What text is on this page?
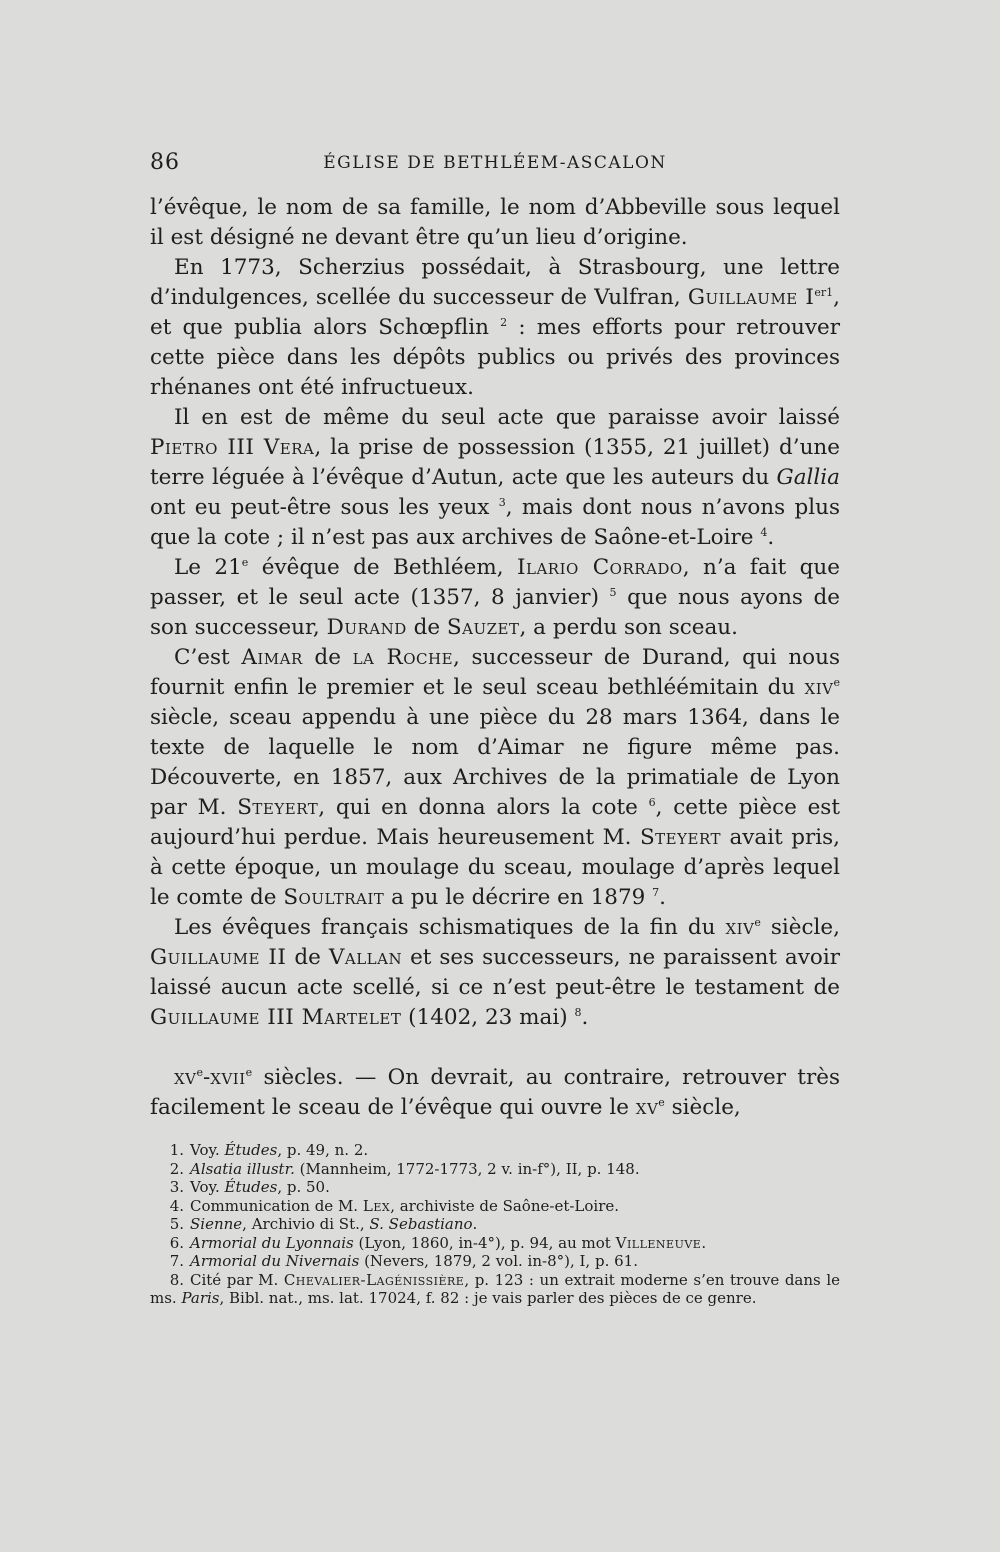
86	ÉGLISE DE BETHLÉEM-ASCALON

l’évêque, le nom de sa famille, le nom d’Abbeville sous lequel il est désigné ne devant être qu’un lieu d’origine.

En 1773, Scherzius possédait, à Strasbourg, une lettre d’indulgences, scellée du successeur de Vulfran, Guillaume $I^{er1}$, et que publia alors Schœpflin $^2$ : mes efforts pour retrouver cette pièce dans les dépôts publics ou privés des provinces rhénanes ont été infructueux.

Il en est de même du seul acte que paraisse avoir laissé Pietro III Vera, la prise de possession (1355, 21 juillet) d’une terre léguée à l’évêque d’Autun, acte que les auteurs du Gallia ont eu peut-être sous les yeux $^3$, mais dont nous n’avons plus que la cote ; il n’est pas aux archives de Saône-et-Loire $^4$.

Le 21e évêque de Bethléem, Ilario Corrado, n’a fait que passer, et le seul acte (1357, 8 janvier) $^5$ que nous ayons de son successeur, Durand de Sauzet, a perdu son sceau.

C’est Aimar de la Roche, successeur de Durand, qui nous fournit enfin le premier et le seul sceau bethléémitain du xiv$^e$ siècle, sceau appendu à une pièce du 28 mars 1364, dans le texte de laquelle le nom d’Aimar ne figure même pas. Découverte, en 1857, aux Archives de la primatiale de Lyon par M. Steyert, qui en donna alors la cote $^6$, cette pièce est aujourd’hui perdue. Mais heureusement M. Steyert avait pris, à cette époque, un moulage du sceau, moulage d’après lequel le comte de Soultrait a pu le décrire en 1879 $^7$.

Les évêques français schismatiques de la fin du xiv$^e$ siècle, Guillaume II de Vallan et ses successeurs, ne paraissent avoir laissé aucun acte scellé, si ce n’est peut-être le testament de Guillaume III Martelet (1402, 23 mai) $^8$.

$xv^e-xvii^e$ siècles. — On devrait, au contraire, retrouver très facilement le sceau de l’évêque qui ouvre le $xv^e$ siècle,

1. Voy. Études, p. 49, n. 2.

2. Alsatia illustr. (Mannheim, 1772-1773, 2 v. in-f°), II, p. 148.

3. Voy. Études, p. 50.

4. Communication de M. Lex, archiviste de Saône-et-Loire.

5. Sienne, Archivio di St., S. Sebastiano.

6. Armorial du Lyonnais (Lyon, 1860, in-4°), p. 94, au mot Villeneuve.

7. Armorial du Nivernais (Nevers, 1879, 2 vol. in-8°), I, p. 61.

8. Cité par M. Chevalier-Lagénissière, p. 123 : un extrait moderne s’en trouve dans le ms. Paris, Bibl. nat., ms. lat. 17024, f. 82 : je vais parler des pièces de ce genre.
